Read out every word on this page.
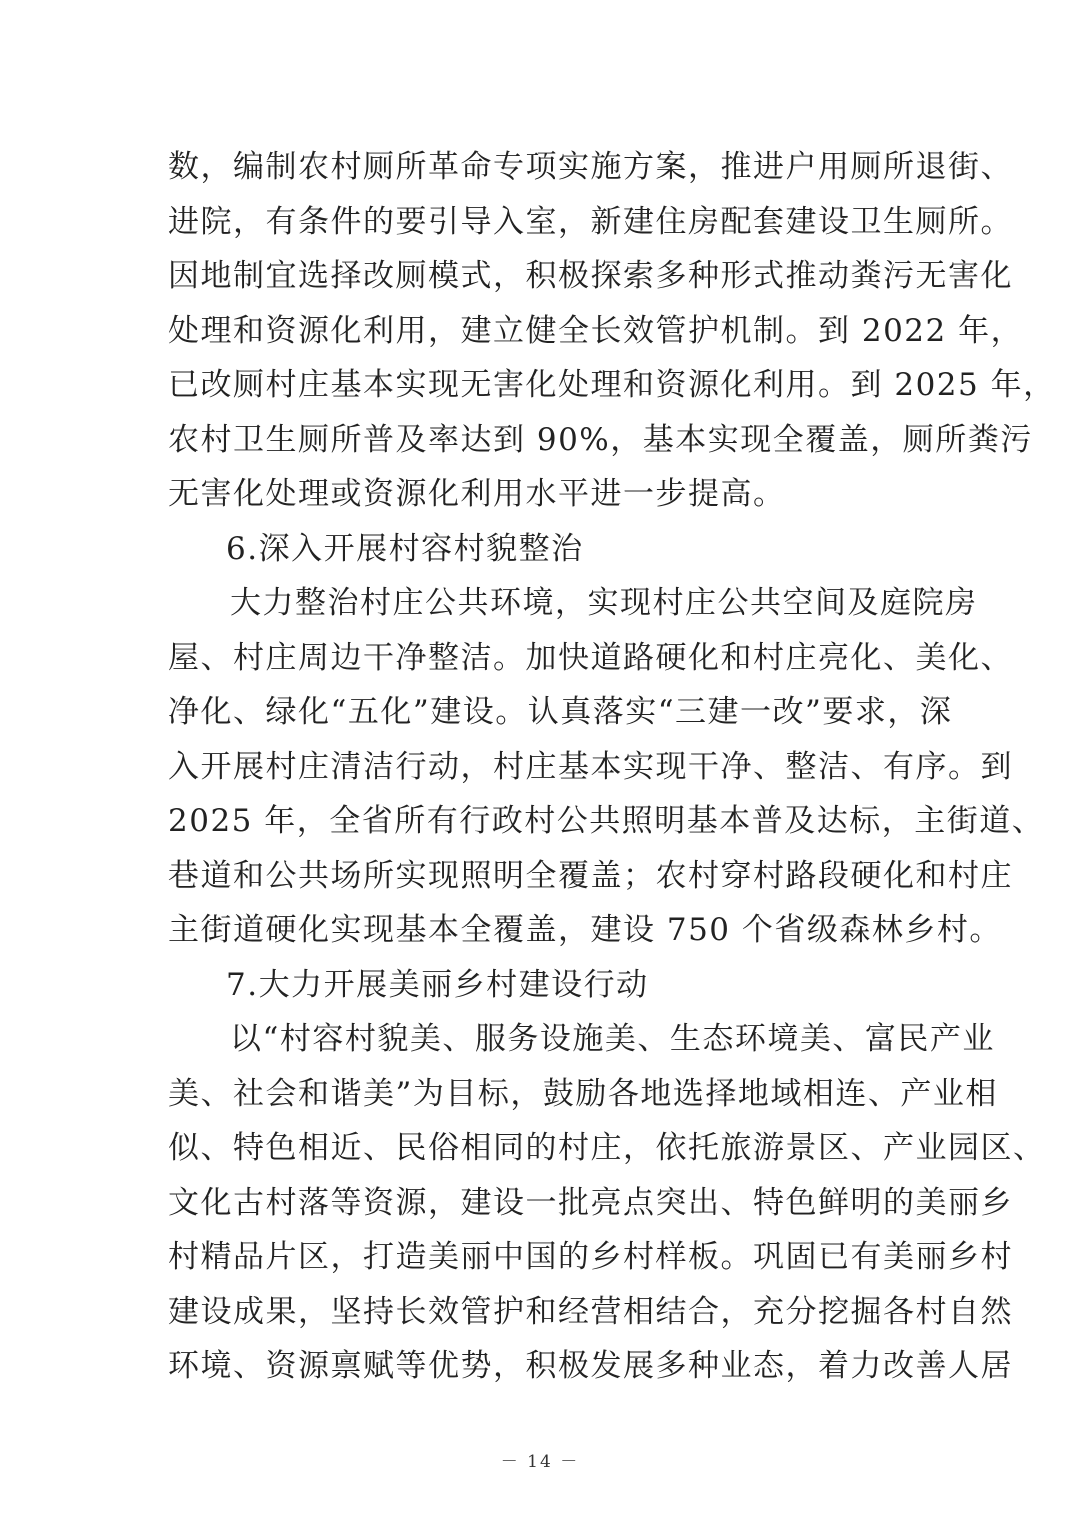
数，编制农村厕所革命专项实施方案，推进户用厕所退街、
进院，有条件的要引导入室，新建住房配套建设卫生厕所。
因地制宜选择改厕模式，积极探索多种形式推动粪污无害化
处理和资源化利用，建立健全长效管护机制。到 2022 年，
已改厕村庄基本实现无害化处理和资源化利用。到 2025 年，
农村卫生厕所普及率达到 90%，基本实现全覆盖，厕所粪污
无害化处理或资源化利用水平进一步提高。
6.深入开展村容村貌整治
大力整治村庄公共环境，实现村庄公共空间及庭院房
屋、村庄周边干净整洁。加快道路硬化和村庄亮化、美化、
净化、绿化“五化”建设。认真落实“三建一改”要求，深
入开展村庄清洁行动，村庄基本实现干净、整洁、有序。到
2025 年，全省所有行政村公共照明基本普及达标，主街道、
巷道和公共场所实现照明全覆盖；农村穿村路段硬化和村庄
主街道硬化实现基本全覆盖，建设 750 个省级森林乡村。
7.大力开展美丽乡村建设行动
以“村容村貌美、服务设施美、生态环境美、富民产业
美、社会和谐美”为目标，鼓励各地选择地域相连、产业相
似、特色相近、民俗相同的村庄，依托旅游景区、产业园区、
文化古村落等资源，建设一批亮点突出、特色鲜明的美丽乡
村精品片区，打造美丽中国的乡村样板。巩固已有美丽乡村
建设成果，坚持长效管护和经营相结合，充分挖掘各村自然
环境、资源禀赋等优势，积极发展多种业态，着力改善人居
－ 14 －
